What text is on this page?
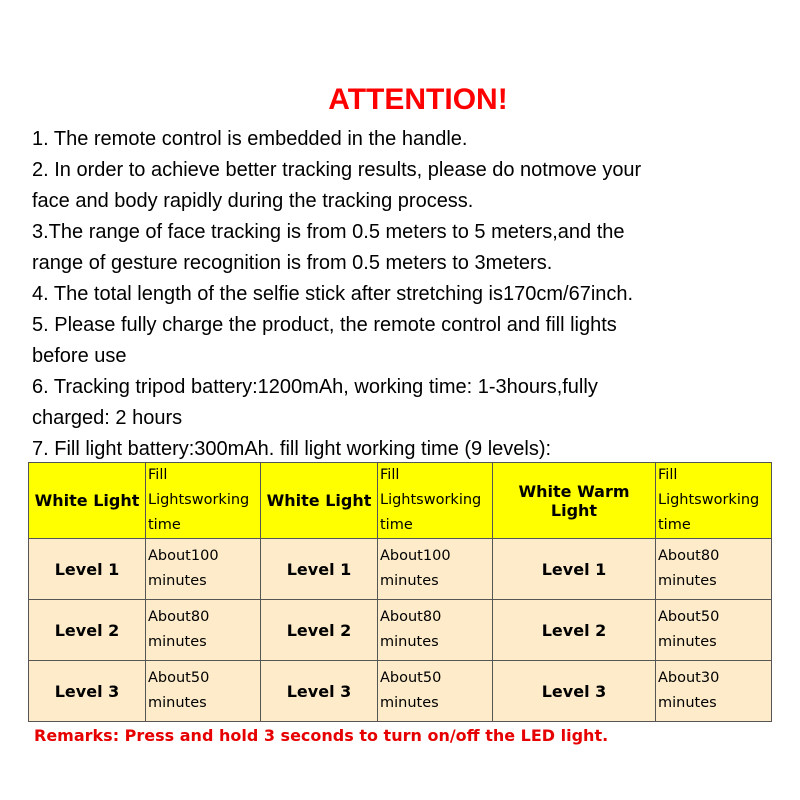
ATTENTION!

1. The remote control is embedded in the handle.

2. In order to achieve better tracking results, please do notmove your

face and body rapidly during the tracking process.

3.The range of face tracking is from 0.5 meters to 5 meters,and the

range of gesture recognition is from 0.5 meters to 3meters.

4. The total length of the selfie stick after stretching is170cm/67inch.

5. Please fully charge the product, the remote control and fill lights

before use

6. Tracking tripod battery:1200mAh, working time: 1-3hours,fully

charged: 2 hours

7. Fill light battery:300mAh. fill light working time (9 levels):

White Light	Fill Lightsworking time	White Light	Fill Lightsworking time	White Warm Light	Fill Lightsworking time
Level 1	About100 minutes	Level 1	About100 minutes	Level 1	About80 minutes
Level 2	About80 minutes	Level 2	About80 minutes	Level 2	About50 minutes
Level 3	About50 minutes	Level 3	About50 minutes	Level 3	About30 minutes
Remarks: Press and hold 3 seconds to turn on/off the LED light.
